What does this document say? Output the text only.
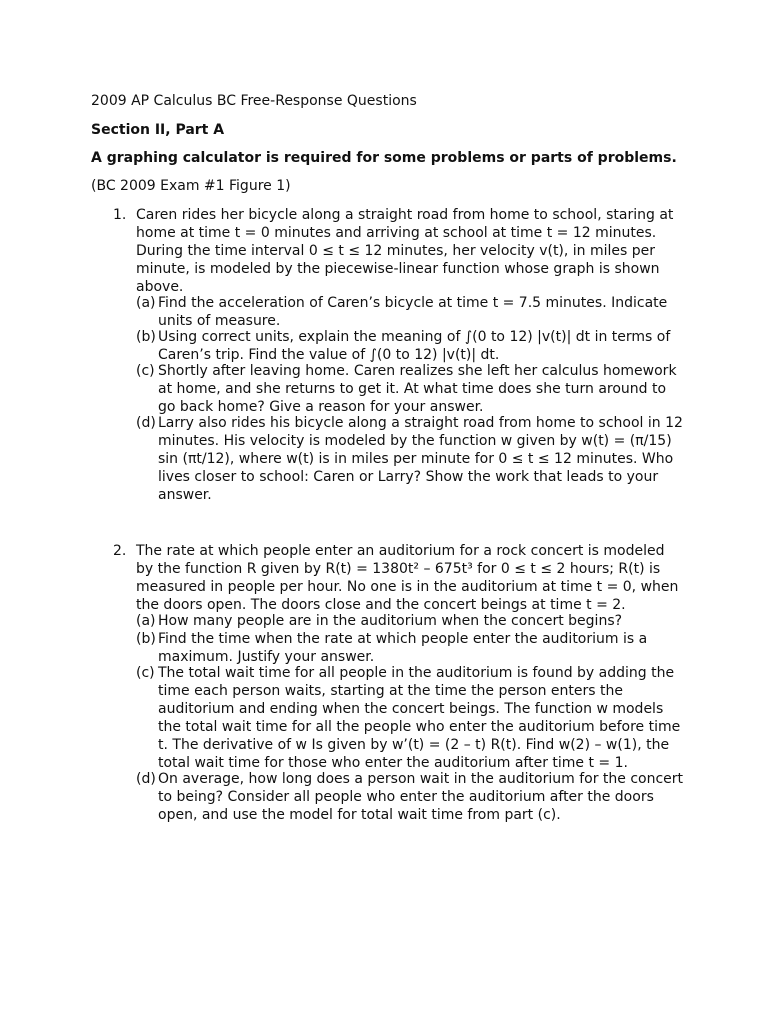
2009 AP Calculus BC Free-Response Questions
Section II, Part A
A graphing calculator is required for some problems or parts of problems.
(BC 2009 Exam #1 Figure 1)
1. Caren rides her bicycle along a straight road from home to school, staring at
home at time t = 0 minutes and arriving at school at time t = 12 minutes.
During the time interval 0 ≤ t ≤ 12 minutes, her velocity v(t), in miles per
minute, is modeled by the piecewise-linear function whose graph is shown
above.
(a) Find the acceleration of Caren’s bicycle at time t = 7.5 minutes. Indicate
units of measure.
(b) Using correct units, explain the meaning of ∫(0 to 12) |v(t)| dt in terms of
Caren’s trip. Find the value of ∫(0 to 12) |v(t)| dt.
(c) Shortly after leaving home. Caren realizes she left her calculus homework
at home, and she returns to get it. At what time does she turn around to
go back home? Give a reason for your answer.
(d) Larry also rides his bicycle along a straight road from home to school in 12
minutes. His velocity is modeled by the function w given by w(t) = (π/15)
sin (πt/12), where w(t) is in miles per minute for 0 ≤ t ≤ 12 minutes. Who
lives closer to school: Caren or Larry? Show the work that leads to your
answer.
2. The rate at which people enter an auditorium for a rock concert is modeled
by the function R given by R(t) = 1380t² – 675t³ for 0 ≤ t ≤ 2 hours; R(t) is
measured in people per hour. No one is in the auditorium at time t = 0, when
the doors open. The doors close and the concert beings at time t = 2.
(a) How many people are in the auditorium when the concert begins?
(b) Find the time when the rate at which people enter the auditorium is a
maximum. Justify your answer.
(c) The total wait time for all people in the auditorium is found by adding the
time each person waits, starting at the time the person enters the
auditorium and ending when the concert beings. The function w models
the total wait time for all the people who enter the auditorium before time
t. The derivative of w Is given by w’(t) = (2 – t) R(t). Find w(2) – w(1), the
total wait time for those who enter the auditorium after time t = 1.
(d) On average, how long does a person wait in the auditorium for the concert
to being? Consider all people who enter the auditorium after the doors
open, and use the model for total wait time from part (c).
